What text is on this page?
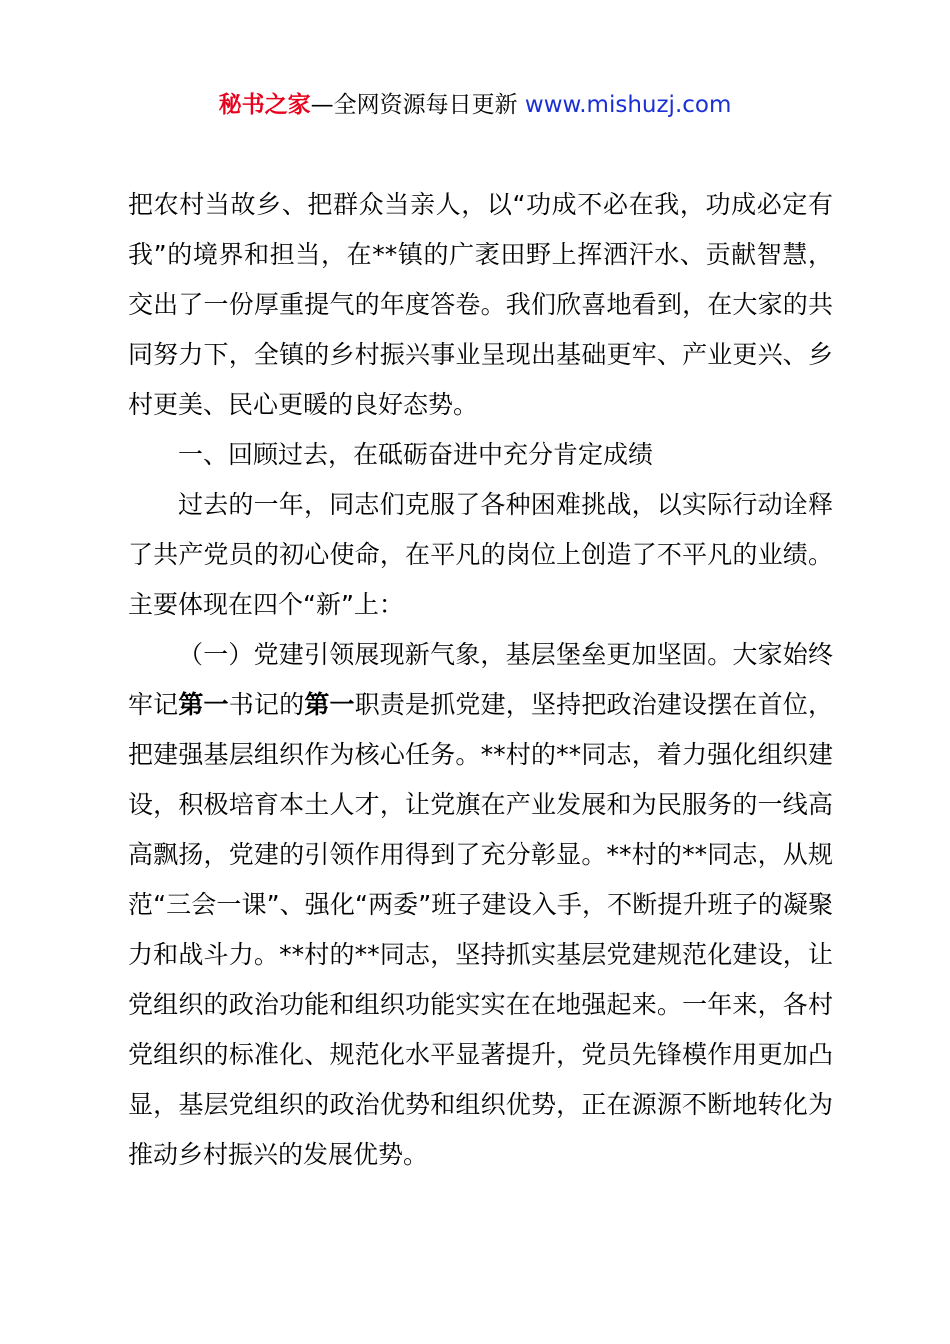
秘书之家—全网资源每日更新 www.mishuzj.com

把农村当故乡、把群众当亲人，以“功成不必在我，功成必定有我”的境界和担当，在**镇的广袤田野上挥洒汗水、贡献智慧，交出了一份厚重提气的年度答卷。我们欣喜地看到，在大家的共同努力下，全镇的乡村振兴事业呈现出基础更牢、产业更兴、乡村更美、民心更暖的良好态势。

一、回顾过去，在砥砺奋进中充分肯定成绩

过去的一年，同志们克服了各种困难挑战，以实际行动诠释了共产党员的初心使命，在平凡的岗位上创造了不平凡的业绩。主要体现在四个“新”上：

（一）党建引领展现新气象，基层堡垒更加坚固。大家始终牢记第一书记的第一职责是抓党建，坚持把政治建设摆在首位，把建强基层组织作为核心任务。**村的**同志，着力强化组织建设，积极培育本土人才，让党旗在产业发展和为民服务的一线高高飘扬，党建的引领作用得到了充分彰显。**村的**同志，从规范“三会一课”、强化“两委”班子建设入手，不断提升班子的凝聚力和战斗力。**村的**同志，坚持抓实基层党建规范化建设，让党组织的政治功能和组织功能实实在在地强起来。一年来，各村党组织的标准化、规范化水平显著提升，党员先锋模作用更加凸显，基层党组织的政治优势和组织优势，正在源源不断地转化为推动乡村振兴的发展优势。
